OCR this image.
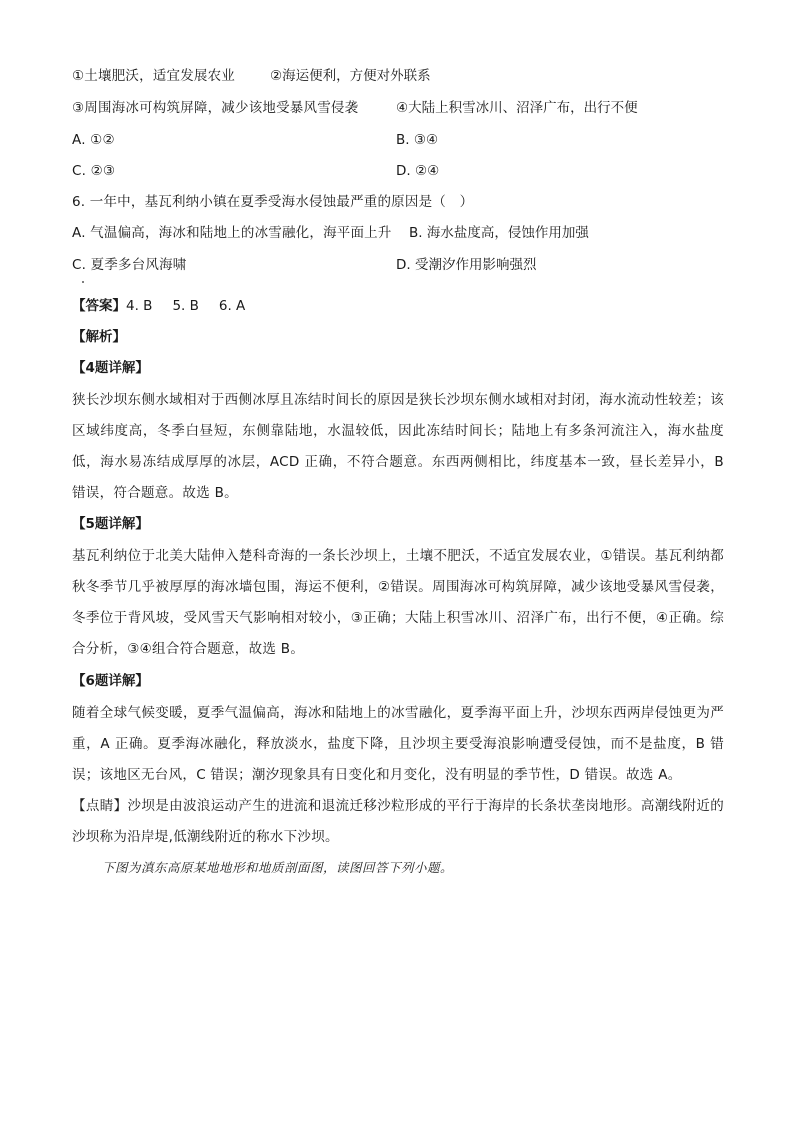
①土壤肥沃，适宜发展农业	②海运便利，方便对外联系
③周围海冰可构筑屏障，减少该地受暴风雪侵袭	④大陆上积雪冰川、沼泽广布，出行不便
A. ①②	B. ③④
C. ②③	D. ②④
6. 一年中，基瓦利纳小镇在夏季受海水侵蚀最严重的原因是（　）
A. 气温偏高，海冰和陆地上的冰雪融化，海平面上升 B. 海水盐度高，侵蚀作用加强
C. 夏季多台风海啸	D. 受潮汐作用影响强烈
【答案】4. B 5. B 6. A
【解析】
【4题详解】
狭长沙坝东侧水域相对于西侧冰厚且冻结时间长的原因是狭长沙坝东侧水域相对封闭，海水流动性较差；该区域纬度高，冬季白昼短，东侧靠陆地，水温较低，因此冻结时间长；陆地上有多条河流注入，海水盐度低，海水易冻结成厚厚的冰层，ACD 正确，不符合题意。东西两侧相比，纬度基本一致，昼长差异小，B 错误，符合题意。故选 B。
【5题详解】
基瓦利纳位于北美大陆伸入楚科奇海的一条长沙坝上，土壤不肥沃，不适宜发展农业，①错误。基瓦利纳都秋冬季节几乎被厚厚的海冰墙包围，海运不便利，②错误。周围海冰可构筑屏障，减少该地受暴风雪侵袭，冬季位于背风坡，受风雪天气影响相对较小，③正确；大陆上积雪冰川、沼泽广布，出行不便，④正确。综合分析，③④组合符合题意，故选 B。
【6题详解】
随着全球气候变暖，夏季气温偏高，海冰和陆地上的冰雪融化，夏季海平面上升，沙坝东西两岸侵蚀更为严重，A 正确。夏季海冰融化，释放淡水，盐度下降，且沙坝主要受海浪影响遭受侵蚀，而不是盐度，B 错误；该地区无台风，C 错误；潮汐现象具有日变化和月变化，没有明显的季节性，D 错误。故选 A。
【点睛】沙坝是由波浪运动产生的进流和退流迁移沙粒形成的平行于海岸的长条状垄岗地形。高潮线附近的沙坝称为沿岸堤,低潮线附近的称水下沙坝。
下图为滇东高原某地地形和地质剖面图，读图回答下列小题。
